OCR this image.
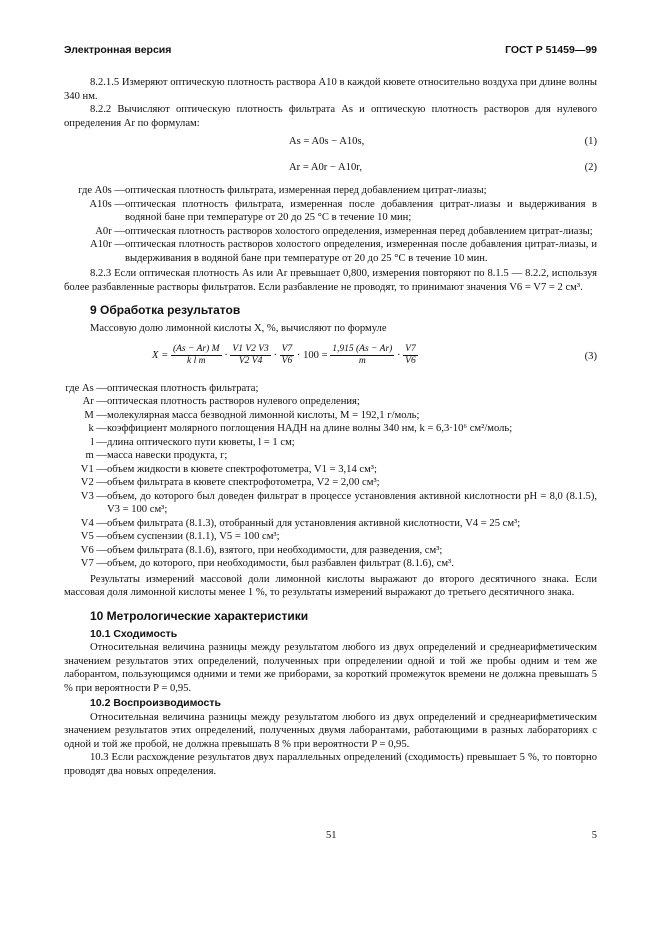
Электронная версия	ГОСТ Р 51459—99

8.2.1.5 Измеряют оптическую плотность раствора A10 в каждой кювете относительно воздуха при длине волны 340 нм.

8.2.2 Вычисляют оптическую плотность фильтрата As и оптическую плотность растворов для нулевого определения Ar по формулам:

As = A0s − A10s,	(1)
Ar = A0r − A10r,	(2)
где A0s — оптическая плотность фильтрата, измеренная перед добавлением цитрат-лиазы;
A10s — оптическая плотность фильтрата, измеренная после добавления цитрат-лиазы и выдерживания в водяной бане при температуре от 20 до 25 °С в течение 10 мин;
A0r — оптическая плотность растворов холостого определения, измеренная перед добавлением цитрат-лиазы;
A10r — оптическая плотность растворов холостого определения, измеренная после добавления цитрат-лиазы, и выдерживания в водяной бане при температуре от 20 до 25 °С в течение 10 мин.

8.2.3 Если оптическая плотность As или Ar превышает 0,800, измерения повторяют по 8.1.5 — 8.2.2, используя более разбавленные растворы фильтратов. Если разбавление не проводят, то принимают значения V6 = V7 = 2 см³.

9 Обработка результатов

Массовую долю лимонной кислоты X, %, вычисляют по формуле

$X = \frac{(As - Ar) M}{\text{k l m}} \cdot \frac{V1 V2 V3}{V2 V4} \cdot \frac{V7}{V6} \cdot 100 = \frac{1,915 (As - Ar)}{m} \cdot \frac{V7}{V6}$	(3)
где As — оптическая плотность фильтрата;
Ar — оптическая плотность растворов нулевого определения;
M — молекулярная масса безводной лимонной кислоты, M = 192,1 г/моль;
k — коэффициент молярного поглощения НАДН на длине волны 340 нм, k = 6,3·10⁶ см²/моль;
l — длина оптического пути кюветы, l = 1 см;
m — масса навески продукта, г;
V1 — объем жидкости в кювете спектрофотометра, V1 = 3,14 см³;
V2 — объем фильтрата в кювете спектрофотометра, V2 = 2,00 см³;
V3 — объем, до которого был доведен фильтрат в процессе установления активной кислотности pH = 8,0 (8.1.5), V3 = 100 см³;
V4 — объем фильтрата (8.1.3), отобранный для установления активной кислотности, V4 = 25 см³;
V5 — объем суспензии (8.1.1), V5 = 100 см³;
V6 — объем фильтрата (8.1.6), взятого, при необходимости, для разведения, см³;
V7 — объем, до которого, при необходимости, был разбавлен фильтрат (8.1.6), см³.

Результаты измерений массовой доли лимонной кислоты выражают до второго десятичного знака. Если массовая доля лимонной кислоты менее 1 %, то результаты измерений выражают до третьего десятичного знака.

10 Метрологические характеристики
10.1 Сходимость

Относительная величина разницы между результатом любого из двух определений и среднеарифметическим значением результатов этих определений, полученных при определении одной и той же пробы одним и тем же лаборантом, пользующимся одними и теми же приборами, за короткий промежуток времени не должна превышать 5 % при вероятности P = 0,95.

10.2 Воспроизводимость

Относительная величина разницы между результатом любого из двух определений и среднеарифметическим значением результатов этих определений, полученных двумя лаборантами, работающими в разных лабораториях с одной и той же пробой, не должна превышать 8 % при вероятности P = 0,95.

10.3 Если расхождение результатов двух параллельных определений (сходимость) превышает 5 %, то повторно проводят два новых определения.

51	5
